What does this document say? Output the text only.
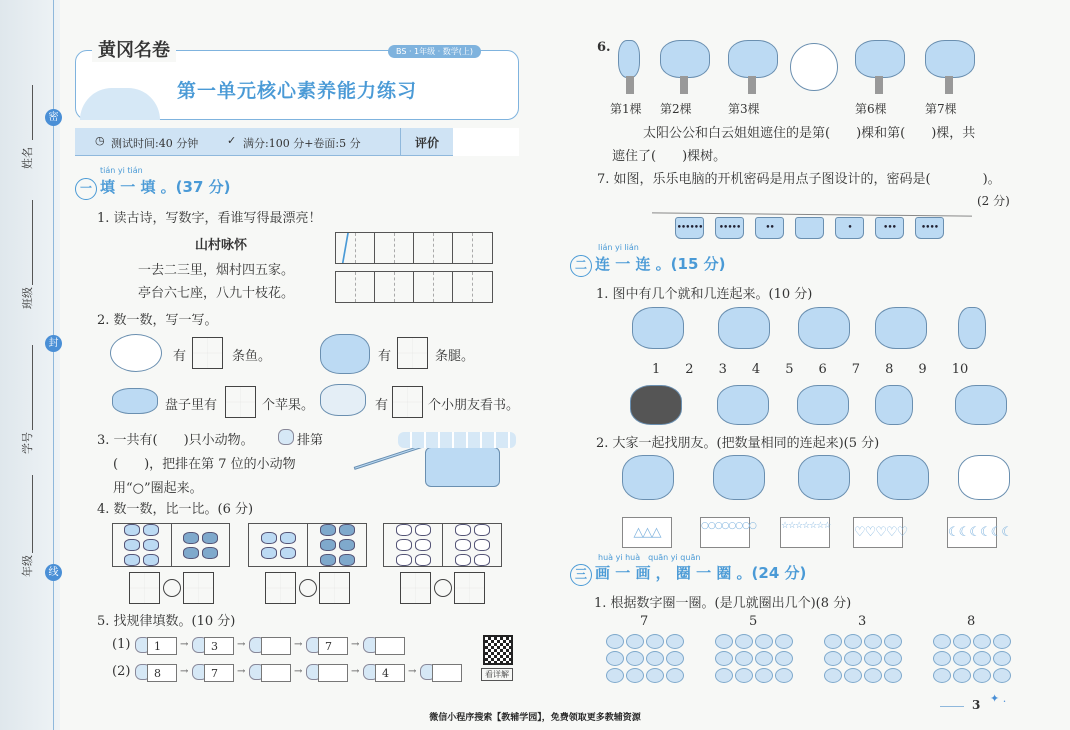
密
封
线
姓名
班级
学号
年级
黄冈名卷	BS · 1年级 · 数学(上)
第一单元核心素养能力练习
◷ 测试时间:40 分钟	✓ 满分:100 分+卷面:5 分	评价
tián yi tián
一 填 一 填 。(37 分)
1. 读古诗，写数字，看谁写得最漂亮！
山村咏怀
一去二三里，烟村四五家。
亭台六七座，八九十枝花。
2. 数一数，写一写。
有	条鱼。	有	条腿。
盘子里有	个苹果。	有	个小朋友看书。
3. 一共有(　　)只小动物。	排第
(　　)，把排在第 7 位的小动物
用“○”圈起来。
4. 数一数，比一比。(6 分)
5. 找规律填数。(10 分)
(1)	1	→	3	→	→	7	→
(2)	8	→	7	→	→	→	4	→	看详解
6.
第1棵 第2棵	第3棵	第6棵	第7棵
太阳公公和白云姐姐遮住的是第(　　)棵和第(　　)棵，共
遮住了(　　)棵树。
7. 如图，乐乐电脑的开机密码是用点子图设计的，密码是(　　　　)。
(2 分)
••••••	•••••	••	•	•••	••••
lián yi lián
二 连 一 连 。(15 分)
1. 图中有几个就和几连起来。(10 分)
1 2 3 4 5 6 7 8 9 10
2. 大家一起找朋友。(把数量相同的连起来)(5 分)
△△△	○○○○○○○○	☆☆☆☆☆☆☆ ♡♡♡♡♡	☾☾☾☾☾☾
huà yi huà　quān yi quān
三 画 一 画 ， 圈 一 圈 。(24 分)
1. 根据数字圈一圈。(是几就圈出几个)(8 分)
7	5	3	8
3 ✦ .
微信小程序搜索【教辅学园】，免费领取更多教辅资源
